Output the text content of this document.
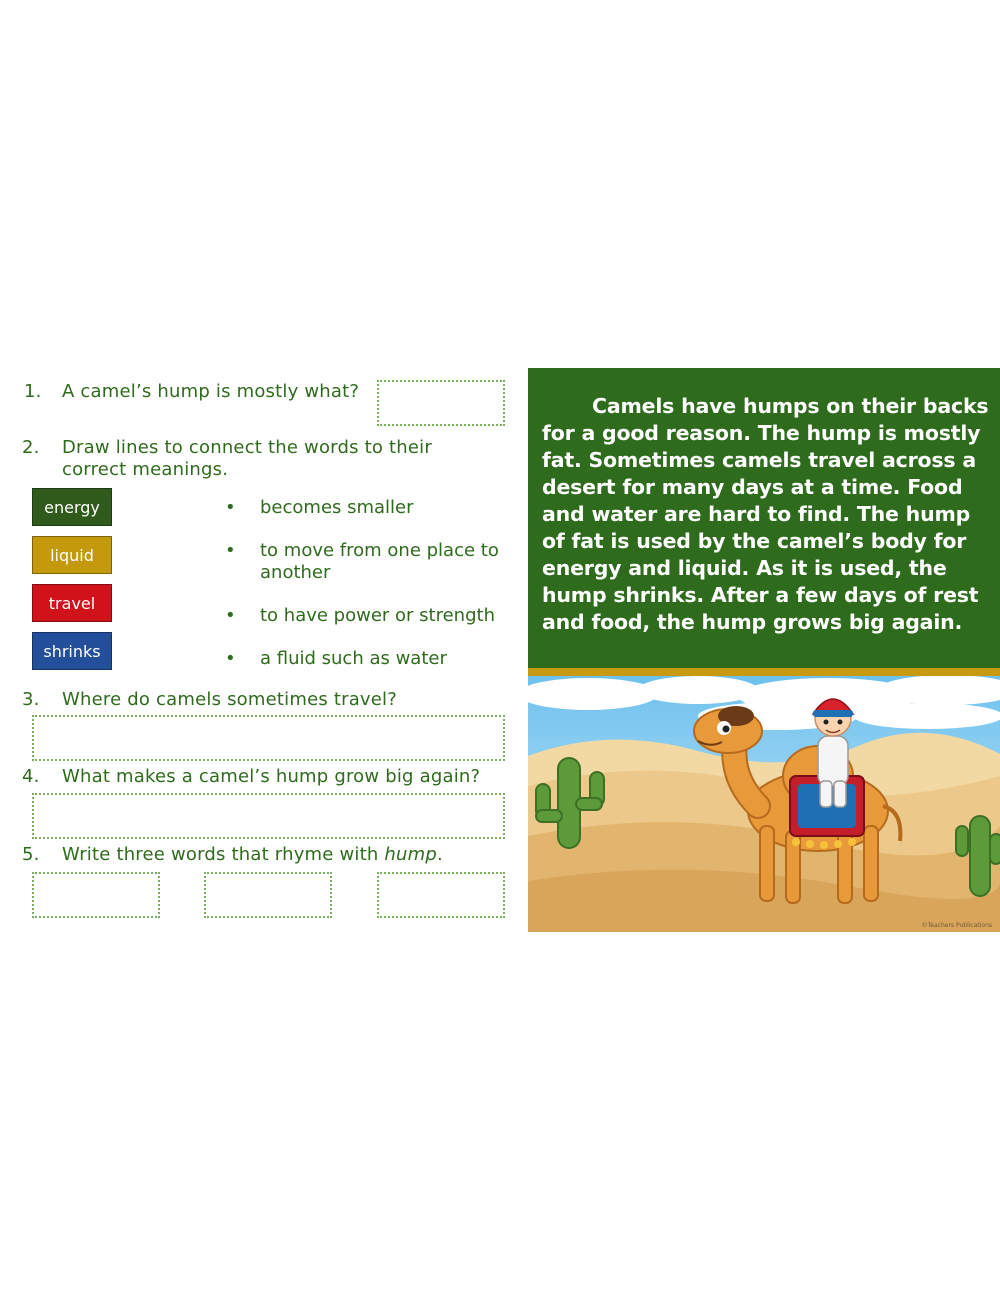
1. A camel’s hump is mostly what?
2. Draw lines to connect the words to their
correct meanings.
energy
liquid
travel
shrinks
• becomes smaller
• to move from one place to another
• to have power or strength
• a fluid such as water
3. Where do camels sometimes travel?
4. What makes a camel’s hump grow big again?
5. Write three words that rhyme with hump.
Camels have humps on their backs for a good reason. The hump is mostly fat. Sometimes camels travel across a desert for many days at a time. Food and water are hard to find. The hump of fat is used by the camel’s body for energy and liquid. As it is used, the hump shrinks. After a few days of rest and food, the hump grows big again.
©Teachers Publications
